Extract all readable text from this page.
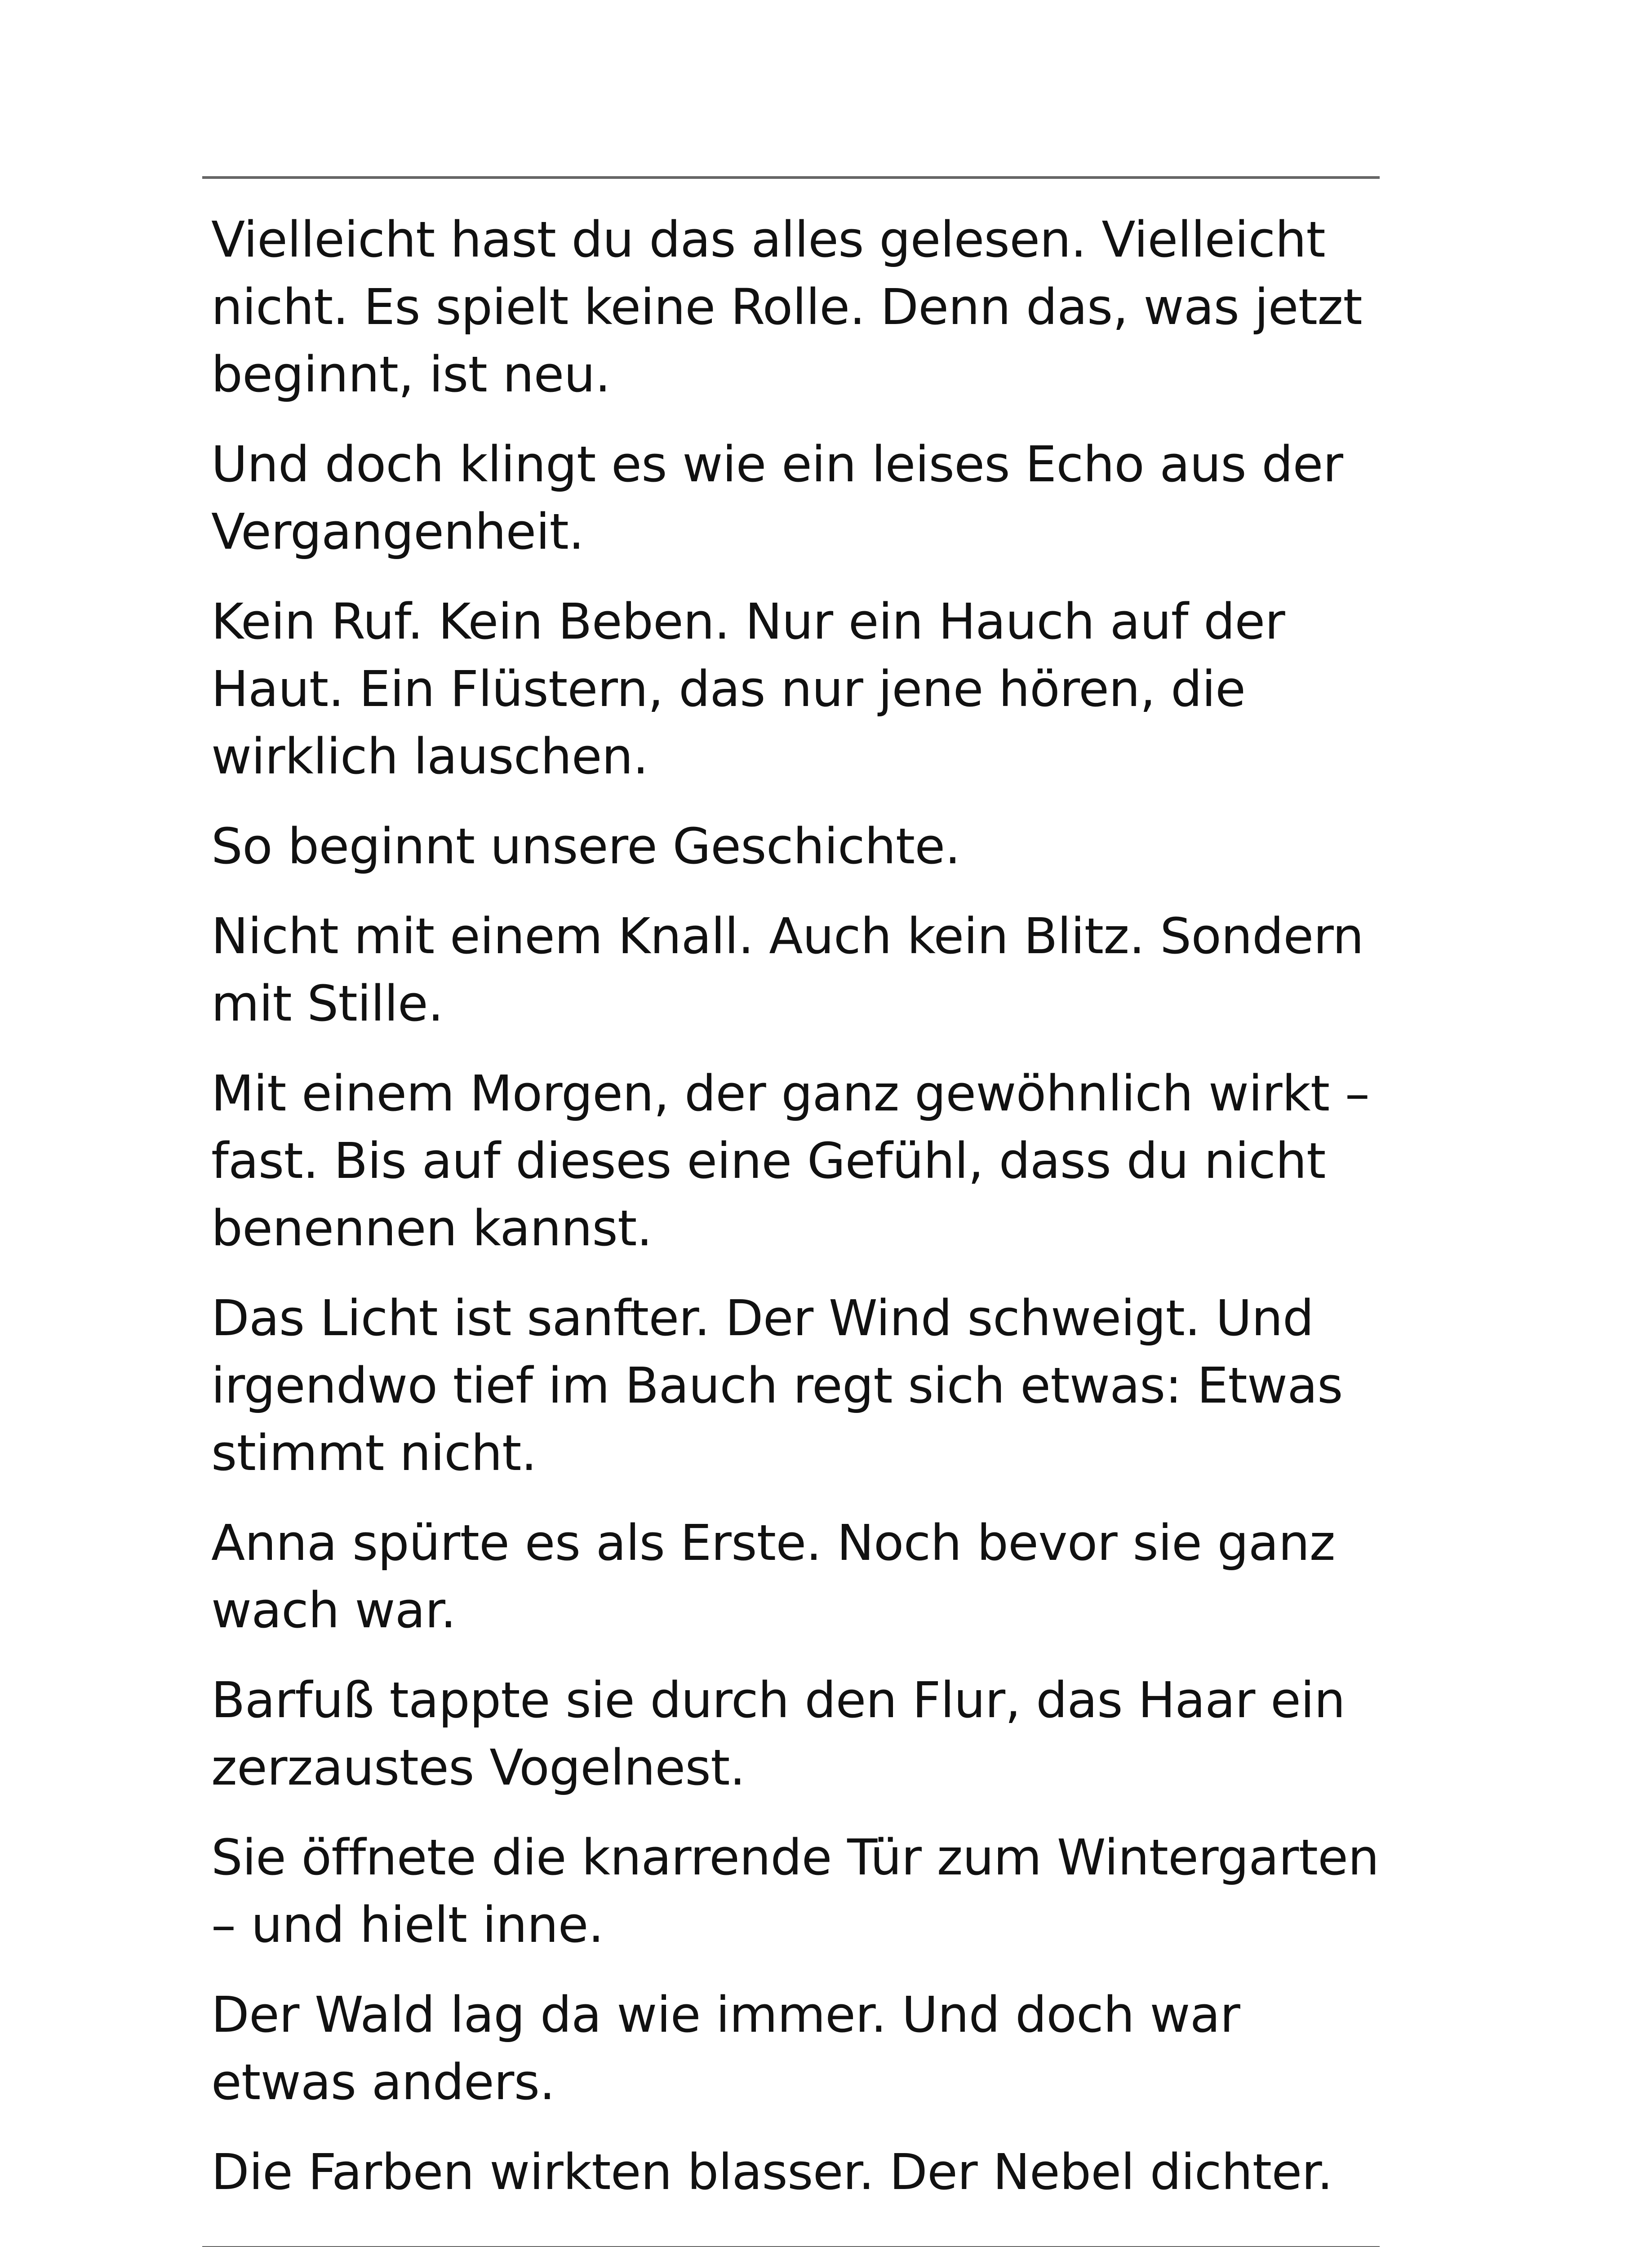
Vielleicht hast du das alles gelesen. Vielleicht
nicht. Es spielt keine Rolle. Denn das, was jetzt
beginnt, ist neu.

Und doch klingt es wie ein leises Echo aus der
Vergangenheit.

Kein Ruf. Kein Beben. Nur ein Hauch auf der
Haut. Ein Flüstern, das nur jene hören, die
wirklich lauschen.

So beginnt unsere Geschichte.

Nicht mit einem Knall. Auch kein Blitz. Sondern
mit Stille.

Mit einem Morgen, der ganz gewöhnlich wirkt –
fast. Bis auf dieses eine Gefühl, dass du nicht
benennen kannst.

Das Licht ist sanfter. Der Wind schweigt. Und
irgendwo tief im Bauch regt sich etwas: Etwas
stimmt nicht.

Anna spürte es als Erste. Noch bevor sie ganz
wach war.

Barfuß tappte sie durch den Flur, das Haar ein
zerzaustes Vogelnest.

Sie öffnete die knarrende Tür zum Wintergarten
– und hielt inne.

Der Wald lag da wie immer. Und doch war
etwas anders.

Die Farben wirkten blasser. Der Nebel dichter.
